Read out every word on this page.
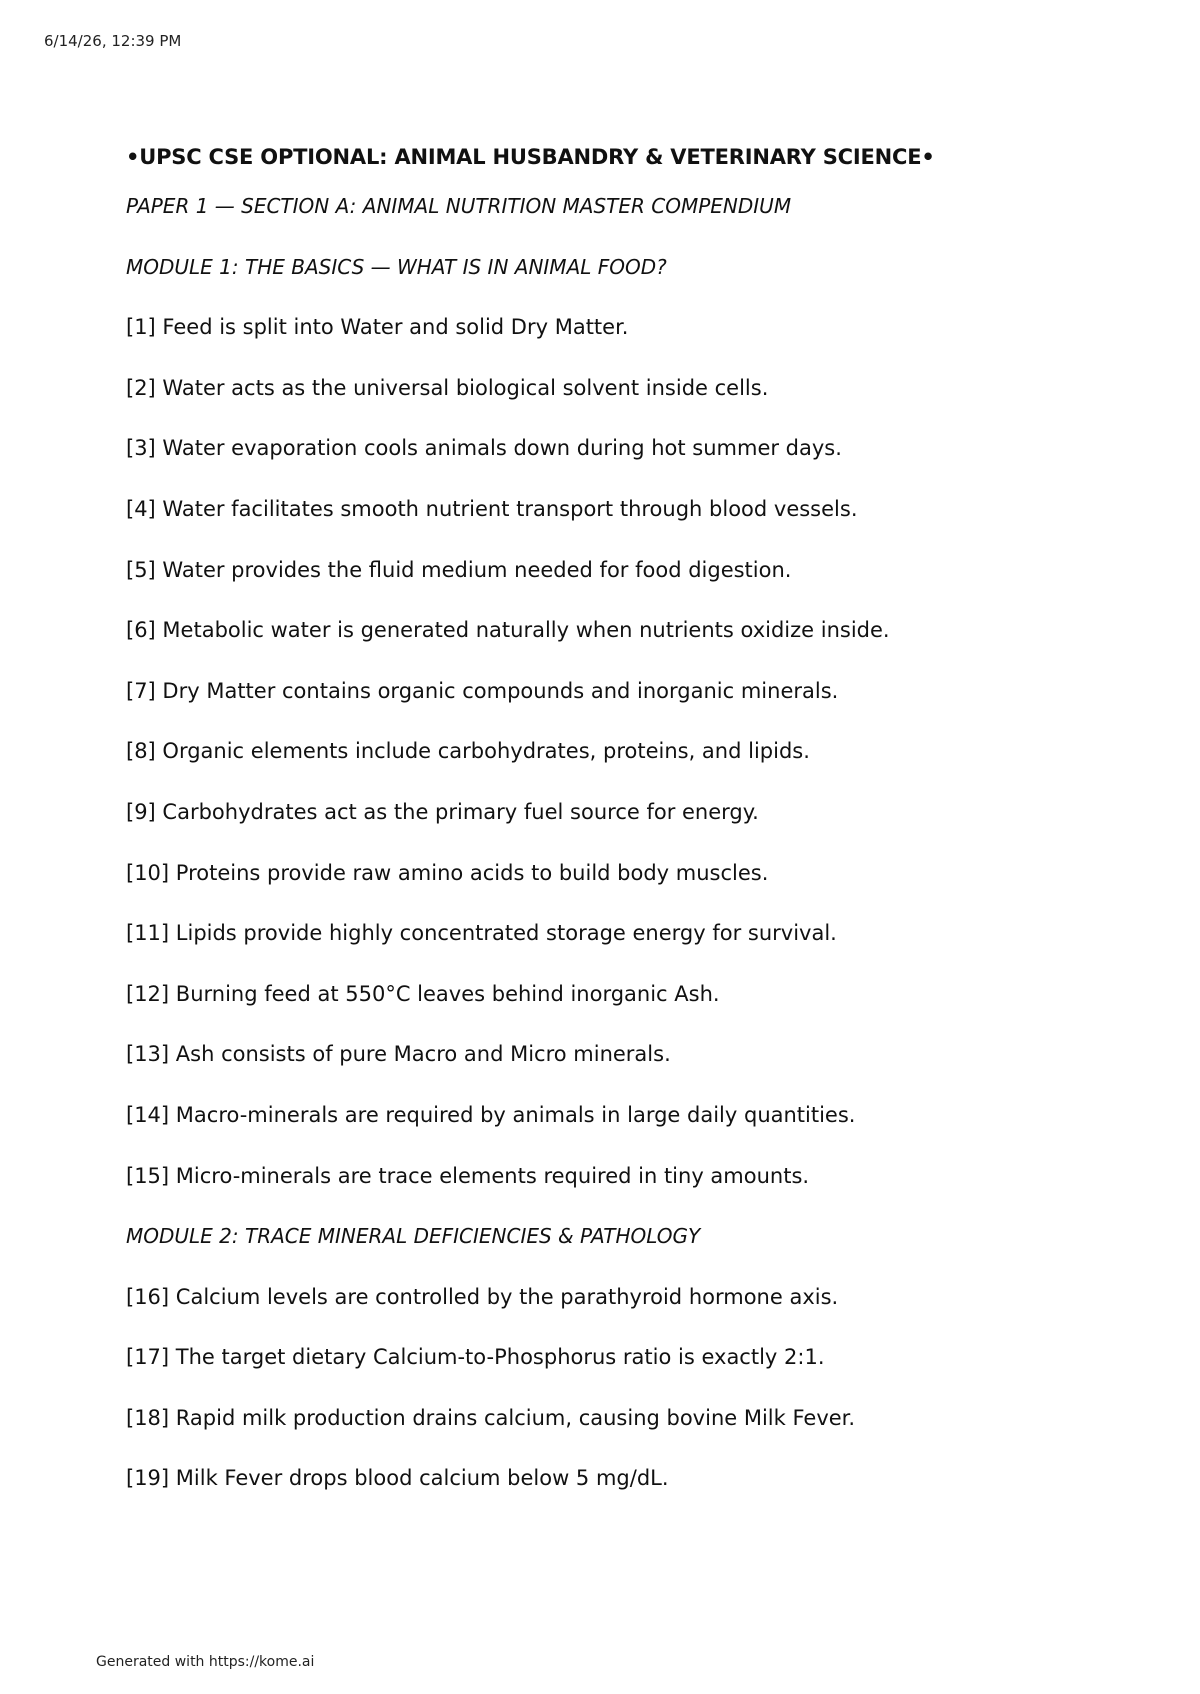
6/14/26, 12:39 PM
•UPSC CSE OPTIONAL: ANIMAL HUSBANDRY & VETERINARY SCIENCE•
PAPER 1 — SECTION A: ANIMAL NUTRITION MASTER COMPENDIUM
MODULE 1: THE BASICS — WHAT IS IN ANIMAL FOOD?
[1] Feed is split into Water and solid Dry Matter.
[2] Water acts as the universal biological solvent inside cells.
[3] Water evaporation cools animals down during hot summer days.
[4] Water facilitates smooth nutrient transport through blood vessels.
[5] Water provides the fluid medium needed for food digestion.
[6] Metabolic water is generated naturally when nutrients oxidize inside.
[7] Dry Matter contains organic compounds and inorganic minerals.
[8] Organic elements include carbohydrates, proteins, and lipids.
[9] Carbohydrates act as the primary fuel source for energy.
[10] Proteins provide raw amino acids to build body muscles.
[11] Lipids provide highly concentrated storage energy for survival.
[12] Burning feed at 550°C leaves behind inorganic Ash.
[13] Ash consists of pure Macro and Micro minerals.
[14] Macro-minerals are required by animals in large daily quantities.
[15] Micro-minerals are trace elements required in tiny amounts.
MODULE 2: TRACE MINERAL DEFICIENCIES & PATHOLOGY
[16] Calcium levels are controlled by the parathyroid hormone axis.
[17] The target dietary Calcium-to-Phosphorus ratio is exactly 2:1.
[18] Rapid milk production drains calcium, causing bovine Milk Fever.
[19] Milk Fever drops blood calcium below 5 mg/dL.
Generated with https://kome.ai
